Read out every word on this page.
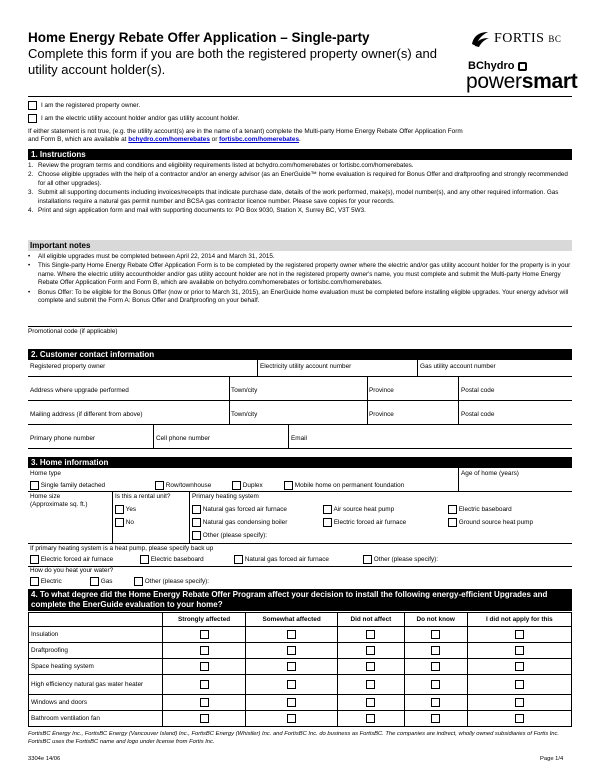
Home Energy Rebate Offer Application – Single-party
Complete this form if you are both the registered property owner(s) and utility account holder(s).
FORTIS BC
BChydro
powersmart
I am the registered property owner.
I am the electric utility account holder and/or gas utility account holder.
If either statement is not true, (e.g. the utility account(s) are in the name of a tenant) complete the Multi-party Home Energy Rebate Offer Application Form
and Form B, which are available at bchydro.com/homerebates or fortisbc.com/homerebates.
1. Instructions
1. Review the program terms and conditions and eligibility requirements listed at bchydro.com/homerebates or fortisbc.com/homerebates.
2. Choose eligible upgrades with the help of a contractor and/or an energy advisor (as an EnerGuide™ home evaluation is required for Bonus Offer and draftproofing and strongly recommended for all other upgrades).
3. Submit all supporting documents including invoices/receipts that indicate purchase date, details of the work performed, make(s), model number(s), and any other required information. Gas installations require a natural gas permit number and BCSA gas contractor licence number. Please save copies for your records.
4. Print and sign application form and mail with supporting documents to: PO Box 9030, Station X, Surrey BC, V3T 5W3.
Important notes
• All eligible upgrades must be completed between April 22, 2014 and March 31, 2015.
• This Single-party Home Energy Rebate Offer Application Form is to be completed by the registered property owner where the electric and/or gas utility account holder for the property is in your name. Where the electric utility accountholder and/or gas utility account holder are not in the registered property owner's name, you must complete and submit the Multi-party Home Energy Rebate Offer Application Form and Form B, which are available on bchydro.com/homerebates or fortisbc.com/homerebates.
• Bonus Offer: To be eligible for the Bonus Offer (now or prior to March 31, 2015), an EnerGuide home evaluation must be completed before installing eligible upgrades. Your energy advisor will complete and submit the Form A: Bonus Offer and Draftproofing on your behalf.
Promotional code (if applicable)
2. Customer contact information
Registered property owner	Electricity utility account number	Gas utility account number
Address where upgrade performed	Town/city	Province	Postal code
Mailing address (if different from above)	Town/city	Province	Postal code
Primary phone number	Cell phone number	Email
3. Home information
Home type	Age of home (years)
Single family detached	Row/townhouse	Duplex	Mobile home on permanent foundation
Home size
(Approximate sq. ft.)
Is this a rental unit?
Yes
No
Primary heating system
Natural gas forced air furnace	Air source heat pump	Electric baseboard
Natural gas condensing boiler	Electric forced air furnace	Ground source heat pump
Other (please specify):
If primary heating system is a heat pump, please specify back up
Electric forced air furnace	Electric baseboard	Natural gas forced air furnace	Other (please specify):
How do you heat your water?
Electric	Gas	Other (please specify):
4. To what degree did the Home Energy Rebate Offer Program affect your decision to install the following energy-efficient Upgrades and complete the EnerGuide evaluation to your home?
	Strongly affected	Somewhat affected	Did not affect	Do not know	I did not apply for this
Insulation					
Draftproofing					
Space heating system					
High efficiency natural gas water heater					
Windows and doors					
Bathroom ventilation fan					
FortisBC Energy Inc., FortisBC Energy (Vancouver Island) Inc., FortisBC Energy (Whistler) Inc. and FortisBC Inc. do business as FortisBC. The companies are indirect, wholly owned subsidiaries of Fortis Inc. FortisBC uses the FortisBC name and logo under license from Fortis Inc.
3304e 14/06	Page 1/4
